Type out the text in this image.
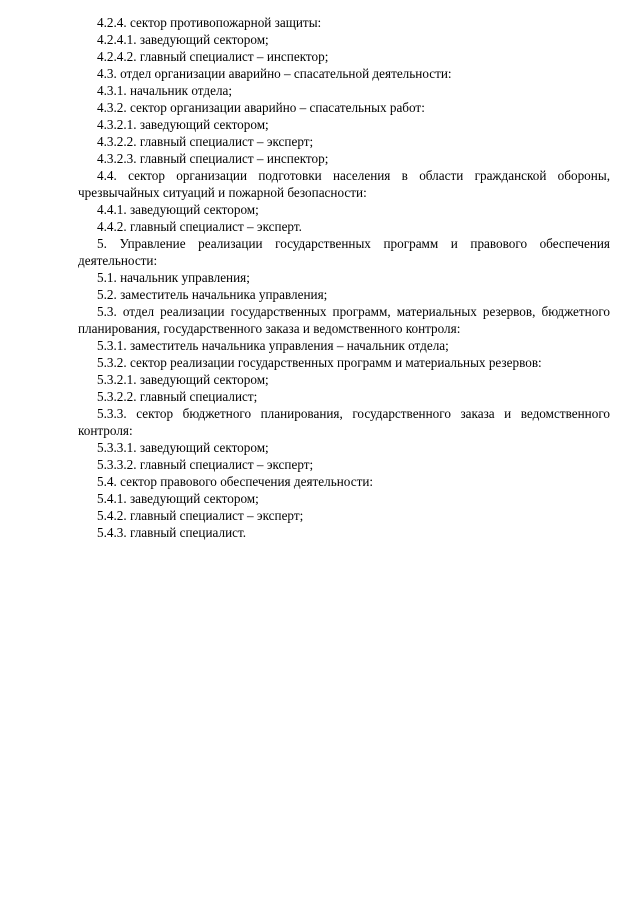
4.2.4. сектор противопожарной защиты:

4.2.4.1. заведующий сектором;

4.2.4.2. главный специалист – инспектор;

4.3. отдел организации аварийно – спасательной деятельности:

4.3.1. начальник отдела;

4.3.2. сектор организации аварийно – спасательных работ:

4.3.2.1. заведующий сектором;

4.3.2.2. главный специалист – эксперт;

4.3.2.3. главный специалист – инспектор;

4.4. сектор организации подготовки населения в области гражданской обороны, чрезвычайных ситуаций и пожарной безопасности:

4.4.1. заведующий сектором;

4.4.2. главный специалист – эксперт.

5. Управление реализации государственных программ и правового обеспечения деятельности:

5.1. начальник управления;

5.2. заместитель начальника управления;

5.3. отдел реализации государственных программ, материальных резервов, бюджетного планирования, государственного заказа и ведомственного контроля:

5.3.1. заместитель начальника управления – начальник отдела;

5.3.2. сектор реализации государственных программ и материальных резервов:

5.3.2.1. заведующий сектором;

5.3.2.2. главный специалист;

5.3.3. сектор бюджетного планирования, государственного заказа и ведомственного контроля:

5.3.3.1. заведующий сектором;

5.3.3.2. главный специалист – эксперт;

5.4. сектор правового обеспечения деятельности:

5.4.1. заведующий сектором;

5.4.2. главный специалист – эксперт;

5.4.3. главный специалист.
